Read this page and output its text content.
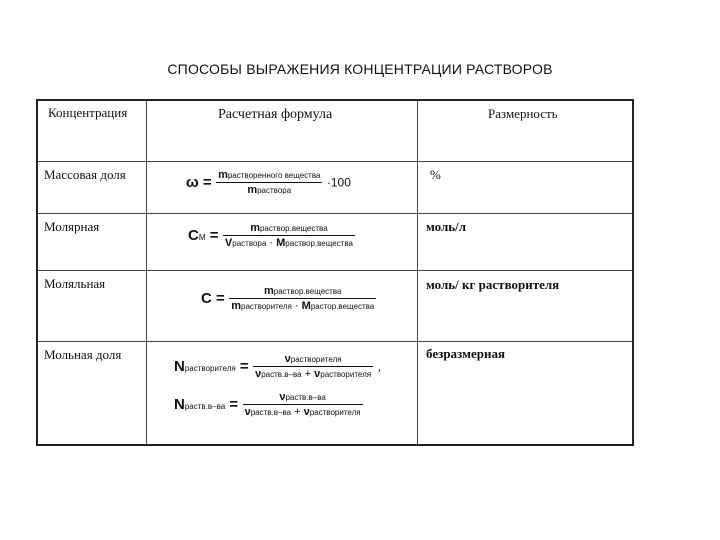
СПОСОБЫ ВЫРАЖЕНИЯ КОНЦЕНТРАЦИИ РАСТВОРОВ
Концентрация	Расчетная формула	Размерность
Массовая доля
Молярная
Моляльная
Мольная доля
%
моль/л
моль/ кг растворителя
безразмерная
$\omega = \frac{\text{mрастворенного вещества}}{\text{mраствора}} \cdot 100$
CM = $\frac{\text{mраствор.вещества}}{\text{Vраствора · Mраствор.вещества}}$
$C = \frac{\text{mраствор.вещества}}{\text{mрастворителя · Mрастор.вещества}}$
Nрастворителя = $\frac{\text{νрастворителя}}{\text{νраств.в–ва + νрастворителя}}$ ,
Nраств.в–ва = $\frac{\text{νраств.в–ва}}{\text{νраств.в–ва + νрастворителя}}$
